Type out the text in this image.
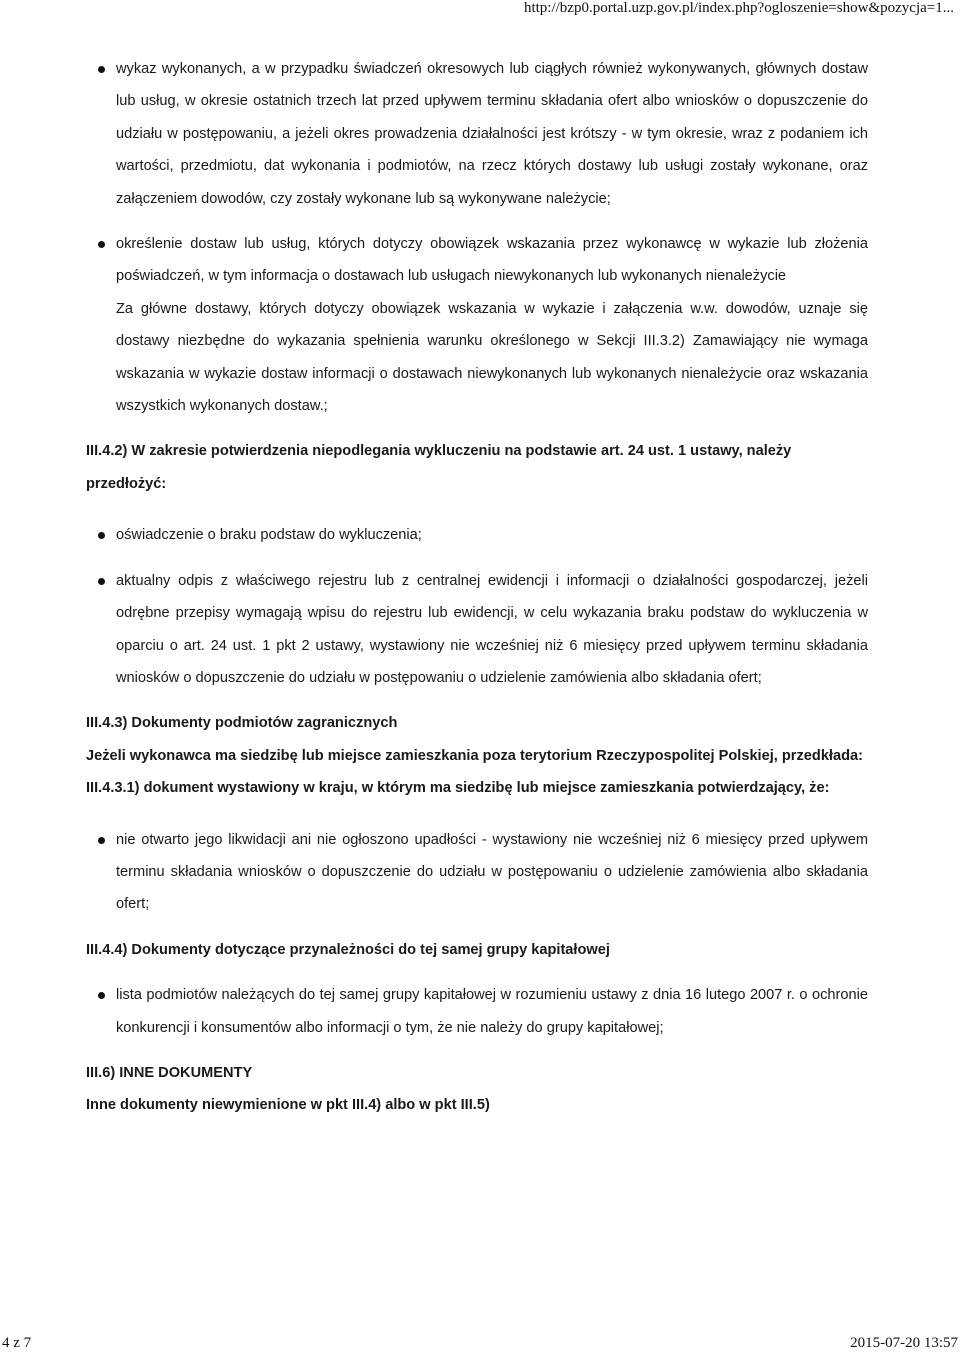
http://bzp0.portal.uzp.gov.pl/index.php?ogloszenie=show&pozycja=1...
wykaz wykonanych, a w przypadku świadczeń okresowych lub ciągłych również wykonywanych, głównych dostaw lub usług, w okresie ostatnich trzech lat przed upływem terminu składania ofert albo wniosków o dopuszczenie do udziału w postępowaniu, a jeżeli okres prowadzenia działalności jest krótszy - w tym okresie, wraz z podaniem ich wartości, przedmiotu, dat wykonania i podmiotów, na rzecz których dostawy lub usługi zostały wykonane, oraz załączeniem dowodów, czy zostały wykonane lub są wykonywane należycie;
określenie dostaw lub usług, których dotyczy obowiązek wskazania przez wykonawcę w wykazie lub złożenia poświadczeń, w tym informacja o dostawach lub usługach niewykonanych lub wykonanych nienależycie
Za główne dostawy, których dotyczy obowiązek wskazania w wykazie i załączenia w.w. dowodów, uznaje się dostawy niezbędne do wykazania spełnienia warunku określonego w Sekcji III.3.2) Zamawiający nie wymaga wskazania w wykazie dostaw informacji o dostawach niewykonanych lub wykonanych nienależycie oraz wskazania wszystkich wykonanych dostaw.;
III.4.2) W zakresie potwierdzenia niepodlegania wykluczeniu na podstawie art. 24 ust. 1 ustawy, należy przedłożyć:
oświadczenie o braku podstaw do wykluczenia;
aktualny odpis z właściwego rejestru lub z centralnej ewidencji i informacji o działalności gospodarczej, jeżeli odrębne przepisy wymagają wpisu do rejestru lub ewidencji, w celu wykazania braku podstaw do wykluczenia w oparciu o art. 24 ust. 1 pkt 2 ustawy, wystawiony nie wcześniej niż 6 miesięcy przed upływem terminu składania wniosków o dopuszczenie do udziału w postępowaniu o udzielenie zamówienia albo składania ofert;
III.4.3) Dokumenty podmiotów zagranicznych
Jeżeli wykonawca ma siedzibę lub miejsce zamieszkania poza terytorium Rzeczypospolitej Polskiej, przedkłada:
III.4.3.1) dokument wystawiony w kraju, w którym ma siedzibę lub miejsce zamieszkania potwierdzający, że:
nie otwarto jego likwidacji ani nie ogłoszono upadłości - wystawiony nie wcześniej niż 6 miesięcy przed upływem terminu składania wniosków o dopuszczenie do udziału w postępowaniu o udzielenie zamówienia albo składania ofert;
III.4.4) Dokumenty dotyczące przynależności do tej samej grupy kapitałowej
lista podmiotów należących do tej samej grupy kapitałowej w rozumieniu ustawy z dnia 16 lutego 2007 r. o ochronie konkurencji i konsumentów albo informacji o tym, że nie należy do grupy kapitałowej;
III.6) INNE DOKUMENTY
Inne dokumenty niewymienione w pkt III.4) albo w pkt III.5)
4 z 7	2015-07-20 13:57
